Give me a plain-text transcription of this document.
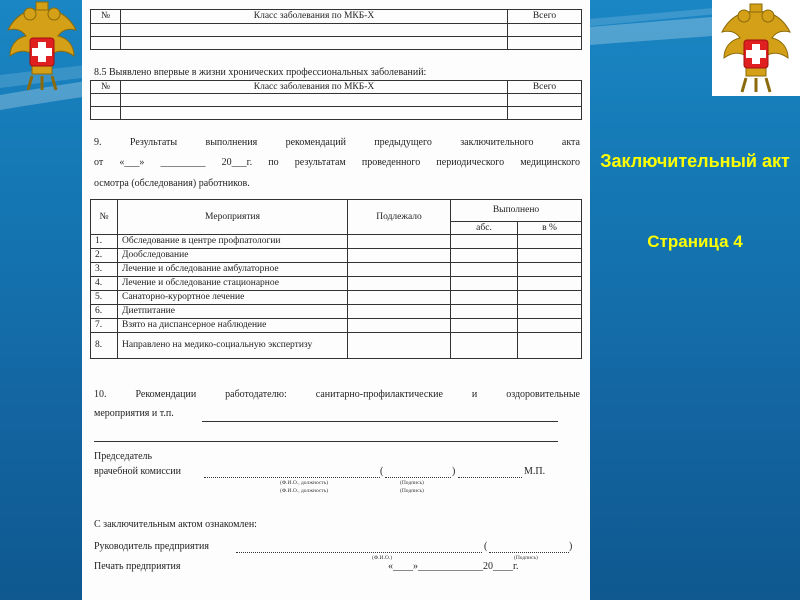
Заключительный акт
Страница 4
№	Класс заболевания по МКБ-X	Всего

8.5 Выявлено впервые в жизни хронических профессиональных заболеваний:
№	Класс заболевания по МКБ-X	Всего

9. Результаты выполнения рекомендаций предыдущего заключительного акта
от «___» _________ 20___г. по результатам проведенного периодического медицинского
осмотра (обследования) работников.
№	Мероприятия	Подлежало	Выполнено	
			абс.	в %
1.	Обследование в центре профпатологии			
2.	Дообследование			
3.	Лечение и обследование амбулаторное			
4.	Лечение и обследование стационарное			
5.	Санаторно-курортное лечение			
6.	Диетпитание			
7.	Взято на диспансерное наблюдение			
8.	Направлено на медико-социальную экспертизу			
10. Рекомендации работодателю: санитарно-профилактические и оздоровительные
мероприятия и т.п.
Председатель
врачебной комиссии	(	)	М.П.
(Ф.И.О., должность)
(Ф.И.О., должность)
(Подпись)
(Подпись)
С заключительным актом ознакомлен:
Руководитель предприятия	(	)
(Ф.И.О.)	(Подпись)
Печать предприятия	«____»_____________20____г.
